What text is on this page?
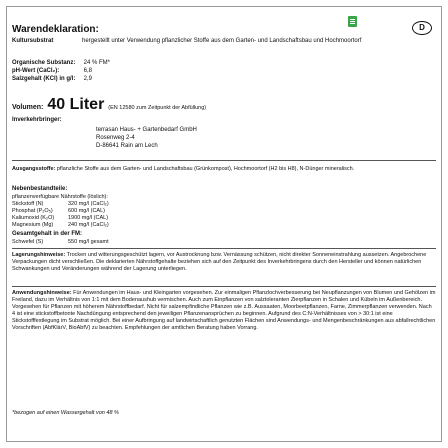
D
Warendeklaration:
Kultursubstrat	hergestellt unter Verwendung pflanzlicher Stoffe aus dem Garten- und Landschaftsbau und Hochmoortorf
Organische Substanz: 24 % FM*
pH-Wert (CaCl₂):	6,8
Salzgehalt (KCl) in g/l: 2,9
Volumen: 40 Liter (EN 12580 zum Zeitpunkt der Abfüllung)
Inverkehrbringer:
terrasan Haus- + Gartenbedarf GmbH
Rosenweg 2-4
D-86641 Rain am Lech
Ausgangsstoffe: pflanzliche Stoffe aus dem Garten- und Landschaftsbau (Grünkompost), Hochmoortorf (H2 bis H8), N-Dünger mineralisch.
Nebenbestandteile:
pflanzenverfügbare Nährstoffe (löslich):
Stickstoff (N)	320 mg/l (CaCl₂)
Phosphat (P₂O₅)	600 mg/l (CAL)
Kaliumoxid (K₂O)	1900 mg/l (CAL)
Magnesium (Mg)	240 mg/l (CaCl₂)
Gesamtgehalt in der FM:
Schwefel (S)	550 mg/l gesamt
Lagerungshinweise: Trocken und witterungsgeschützt lagern, vor Austrocknung bzw. Vernässung schützen, nicht direkter Sonneneinstrahlung aussetzen. Angebrochene Verpackungen dicht verschließen. Die deklarierten Nährstoffgehalte beziehen sich auf den Zeitpunkt des Inverkehrbringens durch den Hersteller und können natürlichen Schwankungen und Veränderungen während der Lagerung unterliegen.
Anwendungshinweise: Für Anwendungen im Haus- und Kleingarten vorgesehen. Zur einmaligen Pflanzlochverbesserung bei Neupflanzungen von Blumen und Gehölzen im Freiland, dazu im Verhältnis von 1:1 mit dem Bodenaushub vermischen. Auch zum Einpflanzen von salztoleranten Zierpflanzen in Schalen und Kübeln im Außenbereich. Vorgesehen für Pflanzen mit höherem Nährstoffbedarf. Nicht für salzempfindliche Pflanzen wie z.B. Aussaaten, Moorbeetpflanzen, Farne, Zimmerpflanzen verwenden. Nach 4 ist eine stickstoffbetonte Nachdüngung entsprechend den jeweiligen Pflanzenansprüchen zu beginnen. Aufgrund des C:N-Verhältnisses von > 30:1 ist eine Stickstofffestlegung im Substrat möglich. Bei einer Aufbringung auf landwirtschaftlich genutzten Flächen sind Anwendungs- und Mengenbeschränkungen aus abfallrechtlichen Vorschriften (AbfKlärV, BioAbfV) zu beachten. Empfehlungen der amtlichen Beratung haben Vorrang.
*bezogen auf einen Wassergehalt von 48 %
